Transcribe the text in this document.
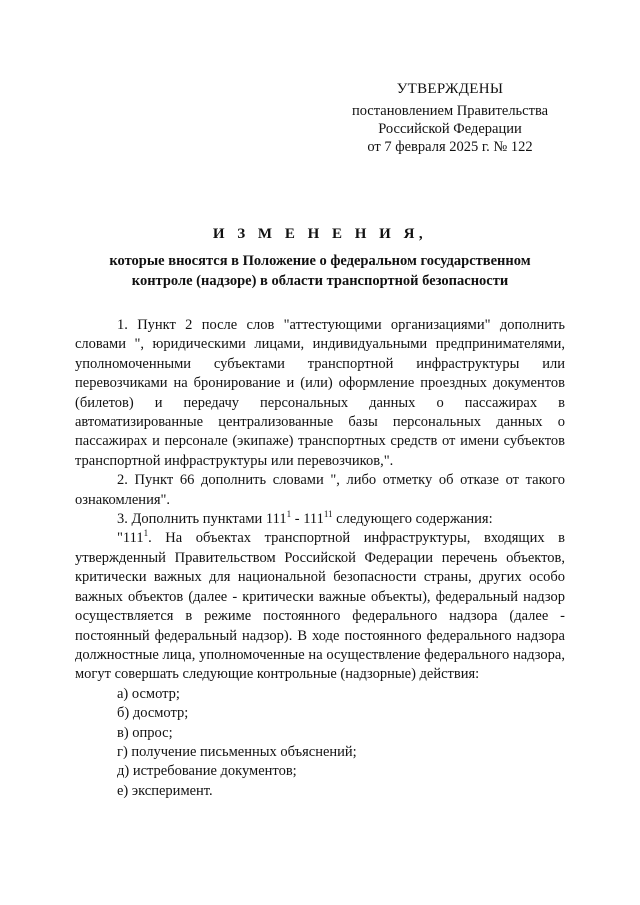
УТВЕРЖДЕНЫ
постановлением Правительства
Российской Федерации
от 7 февраля 2025 г. № 122
И З М Е Н Е Н И Я,
которые вносятся в Положение о федеральном государственном
контроле (надзоре) в области транспортной безопасности

1. Пункт 2 после слов "аттестующими организациями" дополнить словами ", юридическими лицами, индивидуальными предпринимателями, уполномоченными субъектами транспортной инфраструктуры или перевозчиками на бронирование и (или) оформление проездных документов (билетов) и передачу персональных данных о пассажирах в автоматизированные централизованные базы персональных данных о пассажирах и персонале (экипаже) транспортных средств от имени субъектов транспортной инфраструктуры или перевозчиков,".

2. Пункт 66 дополнить словами ", либо отметку об отказе от такого ознакомления".

3. Дополнить пунктами $111^1 - 111^{11}$ следующего содержания:

"$111^1$. На объектах транспортной инфраструктуры, входящих в утвержденный Правительством Российской Федерации перечень объектов, критически важных для национальной безопасности страны, других особо важных объектов (далее - критически важные объекты), федеральный надзор осуществляется в режиме постоянного федерального надзора (далее - постоянный федеральный надзор). В ходе постоянного федерального надзора должностные лица, уполномоченные на осуществление федерального надзора, могут совершать следующие контрольные (надзорные) действия:

а) осмотр;

б) досмотр;

в) опрос;

г) получение письменных объяснений;

д) истребование документов;

е) эксперимент.
